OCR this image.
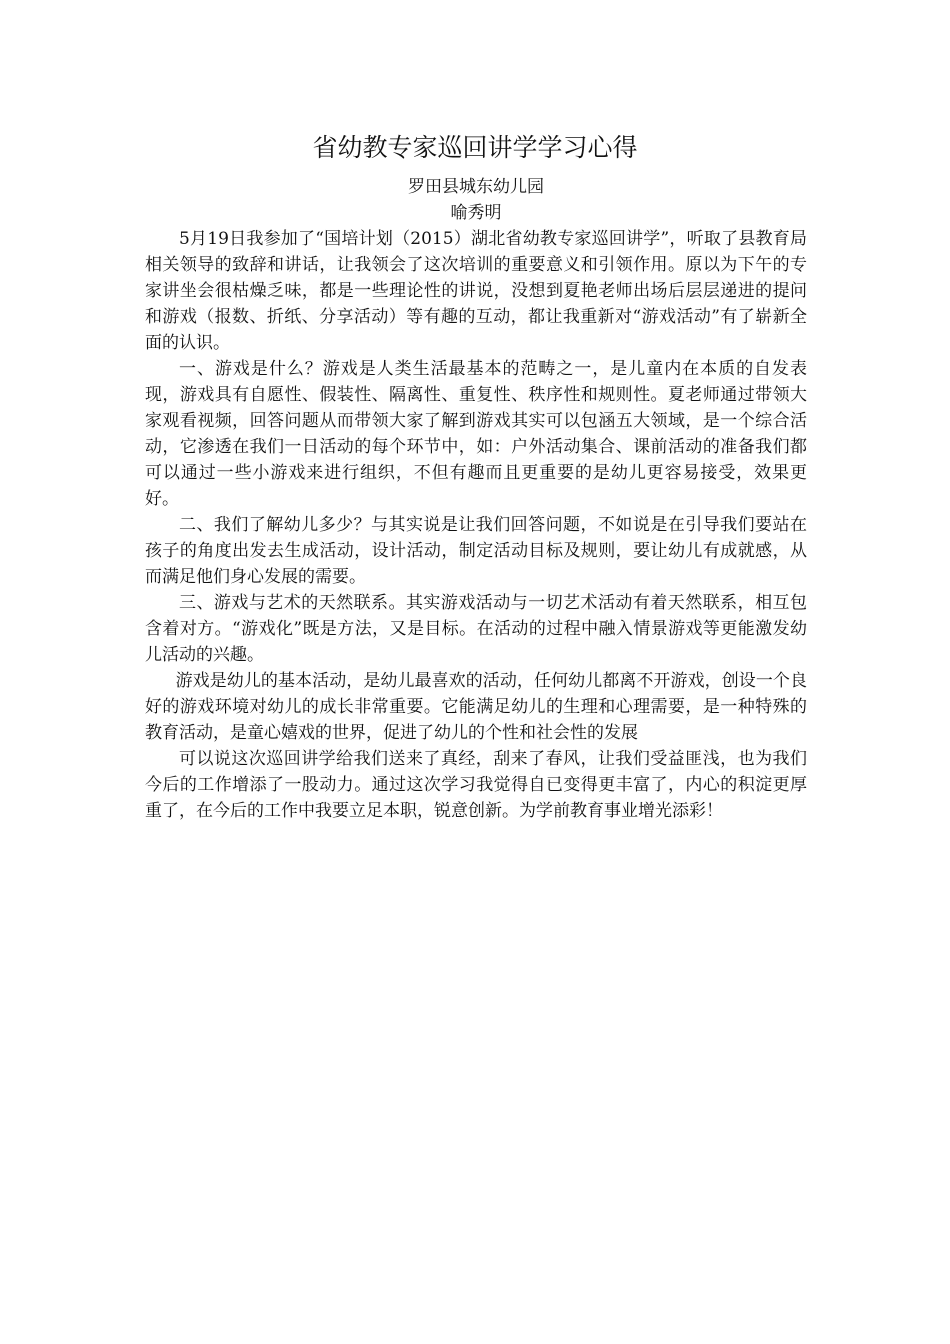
省幼教专家巡回讲学学习心得

罗田县城东幼儿园

喻秀明

5月19日我参加了“国培计划（2015）湖北省幼教专家巡回讲学”，听取了县教育局相关领导的致辞和讲话，让我领会了这次培训的重要意义和引领作用。原以为下午的专家讲坐会很枯燥乏味，都是一些理论性的讲说，没想到夏艳老师出场后层层递进的提问和游戏（报数、折纸、分享活动）等有趣的互动，都让我重新对“游戏活动”有了崭新全面的认识。

一、游戏是什么？游戏是人类生活最基本的范畴之一，是儿童内在本质的自发表现，游戏具有自愿性、假装性、隔离性、重复性、秩序性和规则性。夏老师通过带领大家观看视频，回答问题从而带领大家了解到游戏其实可以包涵五大领域，是一个综合活动，它渗透在我们一日活动的每个环节中，如：户外活动集合、课前活动的准备我们都可以通过一些小游戏来进行组织，不但有趣而且更重要的是幼儿更容易接受，效果更好。

二、我们了解幼儿多少？与其实说是让我们回答问题，不如说是在引导我们要站在孩子的角度出发去生成活动，设计活动，制定活动目标及规则，要让幼儿有成就感，从而满足他们身心发展的需要。

三、游戏与艺术的天然联系。其实游戏活动与一切艺术活动有着天然联系，相互包含着对方。“游戏化”既是方法，又是目标。在活动的过程中融入情景游戏等更能激发幼儿活动的兴趣。

游戏是幼儿的基本活动，是幼儿最喜欢的活动，任何幼儿都离不开游戏，创设一个良好的游戏环境对幼儿的成长非常重要。它能满足幼儿的生理和心理需要，是一种特殊的教育活动，是童心嬉戏的世界，促进了幼儿的个性和社会性的发展

可以说这次巡回讲学给我们送来了真经，刮来了春风，让我们受益匪浅，也为我们今后的工作增添了一股动力。通过这次学习我觉得自已变得更丰富了，内心的积淀更厚重了，在今后的工作中我要立足本职，锐意创新。为学前教育事业增光添彩！
